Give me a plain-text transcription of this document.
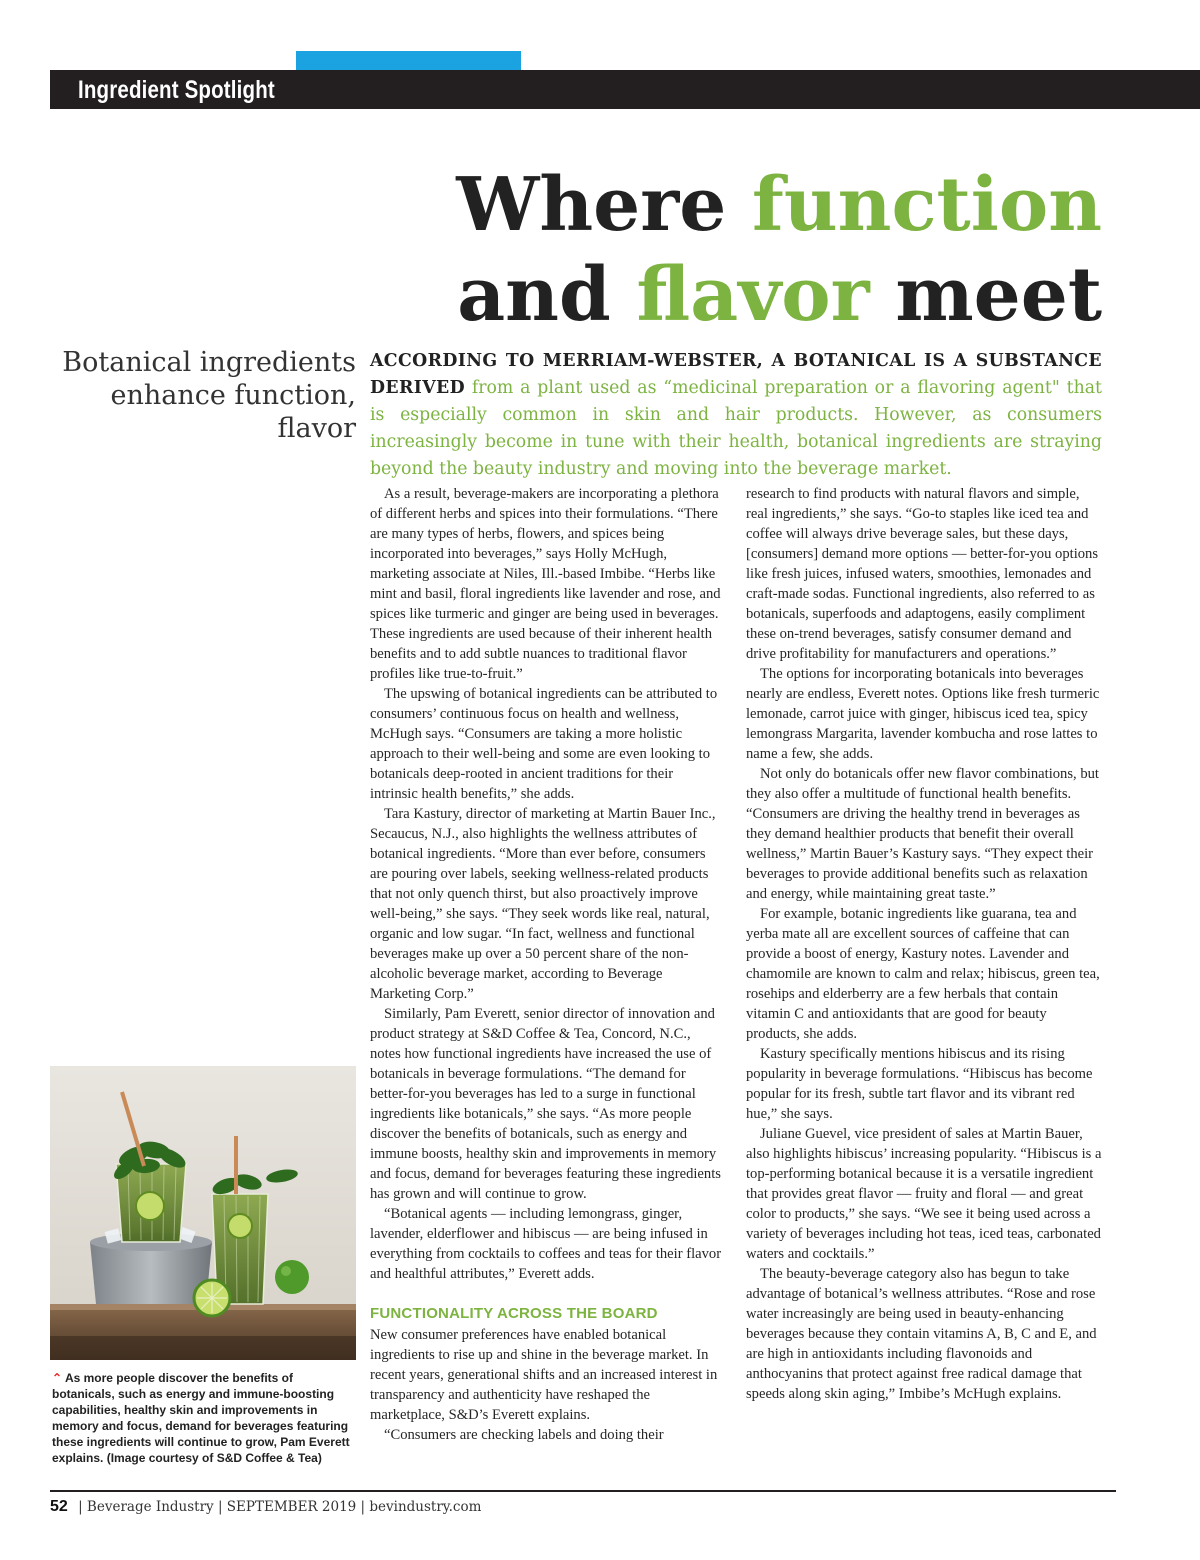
Ingredient Spotlight
Where function
and flavor meet
Botanical ingredients enhance function, flavor
ACCORDING TO MERRIAM-WEBSTER, A BOTANICAL IS A SUBSTANCE DERIVED from a plant used as “medicinal preparation or a flavoring agent" that is especially common in skin and hair products. However, as consumers increasingly become in tune with their health, botanical ingredients are straying beyond the beauty industry and moving into the beverage market.

As a result, beverage-makers are incorporating a plethora of different herbs and spices into their formulations. “There are many types of herbs, flowers, and spices being incorporated into beverages,” says Holly McHugh, marketing associate at Niles, Ill.-based Imbibe. “Herbs like mint and basil, floral ingredients like lavender and rose, and spices like turmeric and ginger are being used in beverages. These ingredients are used because of their inherent health benefits and to add subtle nuances to traditional flavor profiles like true-to-fruit.”

The upswing of botanical ingredients can be attributed to consumers’ continuous focus on health and wellness, McHugh says. “Consumers are taking a more holistic approach to their well-being and some are even looking to botanicals deep-rooted in ancient traditions for their intrinsic health benefits,” she adds.

Tara Kastury, director of marketing at Martin Bauer Inc., Secaucus, N.J., also highlights the wellness attributes of botanical ingredients. “More than ever before, consumers are pouring over labels, seeking wellness-related products that not only quench thirst, but also proactively improve well-being,” she says. “They seek words like real, natural, organic and low sugar. “In fact, wellness and functional beverages make up over a 50 percent share of the non-alcoholic beverage market, according to Beverage Marketing Corp.”

Similarly, Pam Everett, senior director of innovation and product strategy at S&D Coffee & Tea, Concord, N.C., notes how functional ingredients have increased the use of botanicals in beverage formulations. “The demand for better-for-you beverages has led to a surge in functional ingredients like botanicals,” she says. “As more people discover the benefits of botanicals, such as energy and immune boosts, healthy skin and improvements in memory and focus, demand for beverages featuring these ingredients has grown and will continue to grow.

“Botanical agents — including lemongrass, ginger, lavender, elderflower and hibiscus — are being infused in everything from cocktails to coffees and teas for their flavor and healthful attributes,” Everett adds.

FUNCTIONALITY ACROSS THE BOARD

New consumer preferences have enabled botanical ingredients to rise up and shine in the beverage market. In recent years, generational shifts and an increased interest in transparency and authenticity have reshaped the marketplace, S&D’s Everett explains.

“Consumers are checking labels and doing their

research to find products with natural flavors and simple, real ingredients,” she says. “Go-to staples like iced tea and coffee will always drive beverage sales, but these days, [consumers] demand more options — better-for-you options like fresh juices, infused waters, smoothies, lemonades and craft-made sodas. Functional ingredients, also referred to as botanicals, superfoods and adaptogens, easily compliment these on-trend beverages, satisfy consumer demand and drive profitability for manufacturers and operations.”

The options for incorporating botanicals into beverages nearly are endless, Everett notes. Options like fresh turmeric lemonade, carrot juice with ginger, hibiscus iced tea, spicy lemongrass Margarita, lavender kombucha and rose lattes to name a few, she adds.

Not only do botanicals offer new flavor combinations, but they also offer a multitude of functional health benefits. “Consumers are driving the healthy trend in beverages as they demand healthier products that benefit their overall wellness,” Martin Bauer’s Kastury says. “They expect their beverages to provide additional benefits such as relaxation and energy, while maintaining great taste.”

For example, botanic ingredients like guarana, tea and yerba mate all are excellent sources of caffeine that can provide a boost of energy, Kastury notes. Lavender and chamomile are known to calm and relax; hibiscus, green tea, rosehips and elderberry are a few herbals that contain vitamin C and antioxidants that are good for beauty products, she adds.

Kastury specifically mentions hibiscus and its rising popularity in beverage formulations. “Hibiscus has become popular for its fresh, subtle tart flavor and its vibrant red hue,” she says.

Juliane Guevel, vice president of sales at Martin Bauer, also highlights hibiscus’ increasing popularity. “Hibiscus is a top-performing botanical because it is a versatile ingredient that provides great flavor — fruity and floral — and great color to products,” she says. “We see it being used across a variety of beverages including hot teas, iced teas, carbonated waters and cocktails.”

The beauty-beverage category also has begun to take advantage of botanical’s wellness attributes. “Rose and rose water increasingly are being used in beauty-enhancing beverages because they contain vitamins A, B, C and E, and are high in antioxidants including flavonoids and anthocyanins that protect against free radical damage that speeds along skin aging,” Imbibe’s McHugh explains.

⌃ As more people discover the benefits of botanicals, such as energy and immune-boosting capabilities, healthy skin and improvements in memory and focus, demand for beverages featuring these ingredients will continue to grow, Pam Everett explains. (Image courtesy of S&D Coffee & Tea)
52 | Beverage Industry | SEPTEMBER 2019 | bevindustry.com
